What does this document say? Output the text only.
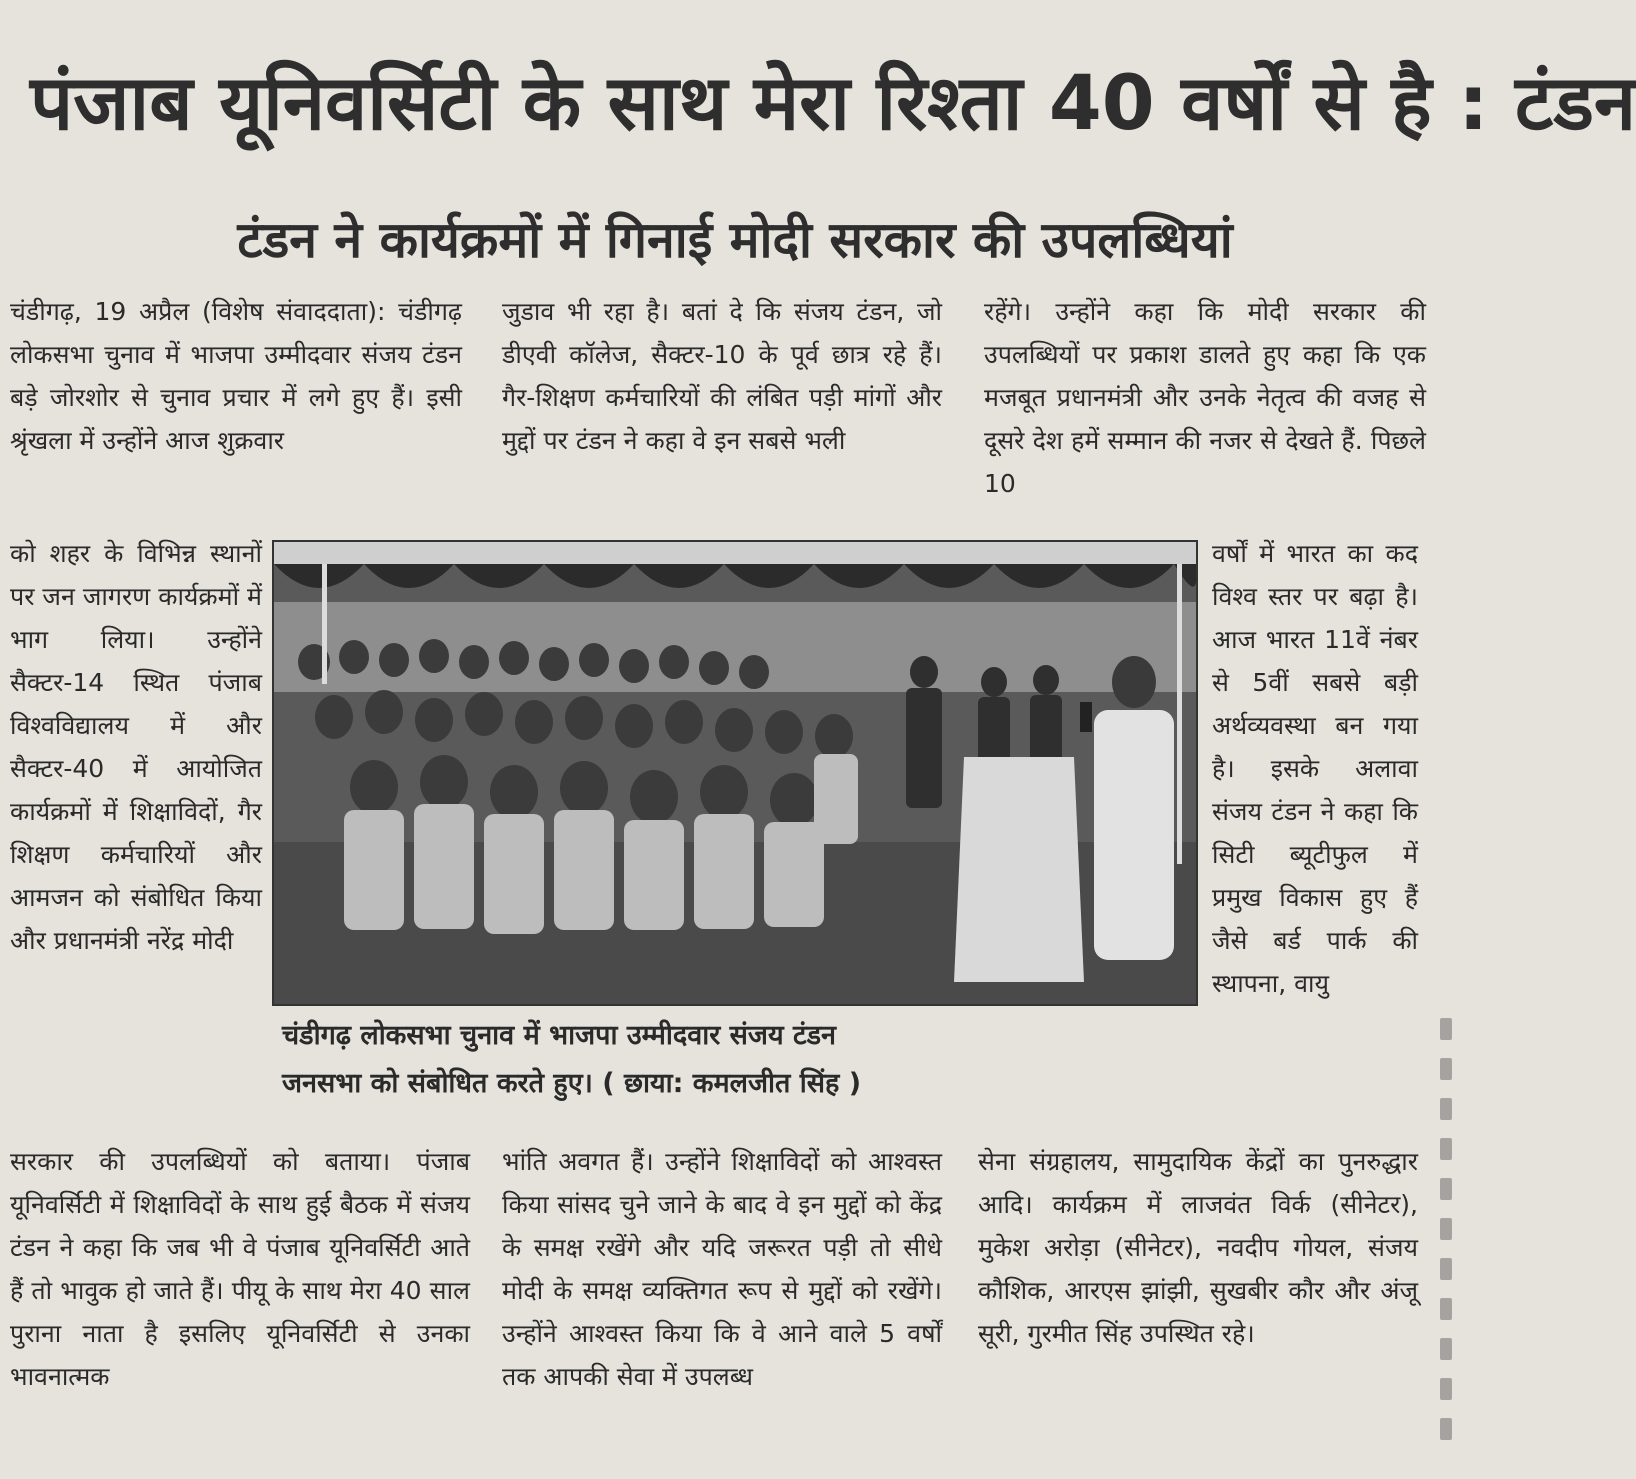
पंजाब यूनिवर्सिटी के साथ मेरा रिश्ता 40 वर्षों से है : टंडन
टंडन ने कार्यक्रमों में गिनाई मोदी सरकार की उपलब्धियां

चंडीगढ़, 19 अप्रैल (विशेष संवाददाता): चंडीगढ़ लोकसभा चुनाव में भाजपा उम्मीदवार संजय टंडन बड़े जोरशोर से चुनाव प्रचार में लगे हुए हैं। इसी श्रृंखला में उन्होंने आज शुक्रवार

को शहर के विभिन्न स्थानों पर जन जागरण कार्यक्रमों में भाग लिया। उन्होंने सैक्टर-14 स्थित पंजाब विश्वविद्यालय में और सैक्टर-40 में आयोजित कार्यक्रमों में शिक्षाविदों, गैर शिक्षण कर्मचारियों और आमजन को संबोधित किया और प्रधानमंत्री नरेंद्र मोदी

सरकार की उपलब्धियों को बताया। पंजाब यूनिवर्सिटी में शिक्षाविदों के साथ हुई बैठक में संजय टंडन ने कहा कि जब भी वे पंजाब यूनिवर्सिटी आते हैं तो भावुक हो जाते हैं। पीयू के साथ मेरा 40 साल पुराना नाता है इसलिए यूनिवर्सिटी से उनका भावनात्मक

जुडाव भी रहा है। बतां दे कि संजय टंडन, जो डीएवी कॉलेज, सैक्टर-10 के पूर्व छात्र रहे हैं। गैर-शिक्षण कर्मचारियों की लंबित पड़ी मांगों और मुद्दों पर टंडन ने कहा वे इन सबसे भली

भांति अवगत हैं। उन्होंने शिक्षाविदों को आश्वस्त किया सांसद चुने जाने के बाद वे इन मुद्दों को केंद्र के समक्ष रखेंगे और यदि जरूरत पड़ी तो सीधे मोदी के समक्ष व्यक्तिगत रूप से मुद्दों को रखेंगे। उन्होंने आश्वस्त किया कि वे आने वाले 5 वर्षों तक आपकी सेवा में उपलब्ध

रहेंगे। उन्होंने कहा कि मोदी सरकार की उपलब्धियों पर प्रकाश डालते हुए कहा कि एक मजबूत प्रधानमंत्री और उनके नेतृत्व की वजह से दूसरे देश हमें सम्मान की नजर से देखते हैं. पिछले 10

वर्षों में भारत का कद विश्व स्तर पर बढ़ा है। आज भारत 11वें नंबर से 5वीं सबसे बड़ी अर्थव्यवस्था बन गया है। इसके अलावा संजय टंडन ने कहा कि सिटी ब्यूटीफुल में प्रमुख विकास हुए हैं जैसे बर्ड पार्क की स्थापना, वायु

सेना संग्रहालय, सामुदायिक केंद्रों का पुनरुद्धार आदि। कार्यक्रम में लाजवंत विर्क (सीनेटर), मुकेश अरोड़ा (सीनेटर), नवदीप गोयल, संजय कौशिक, आरएस झांझी, सुखबीर कौर और अंजू सूरी, गुरमीत सिंह उपस्थित रहे।

चंडीगढ़ लोकसभा चुनाव में भाजपा उम्मीदवार संजय टंडन
जनसभा को संबोधित करते हुए। ( छाया: कमलजीत सिंह )
